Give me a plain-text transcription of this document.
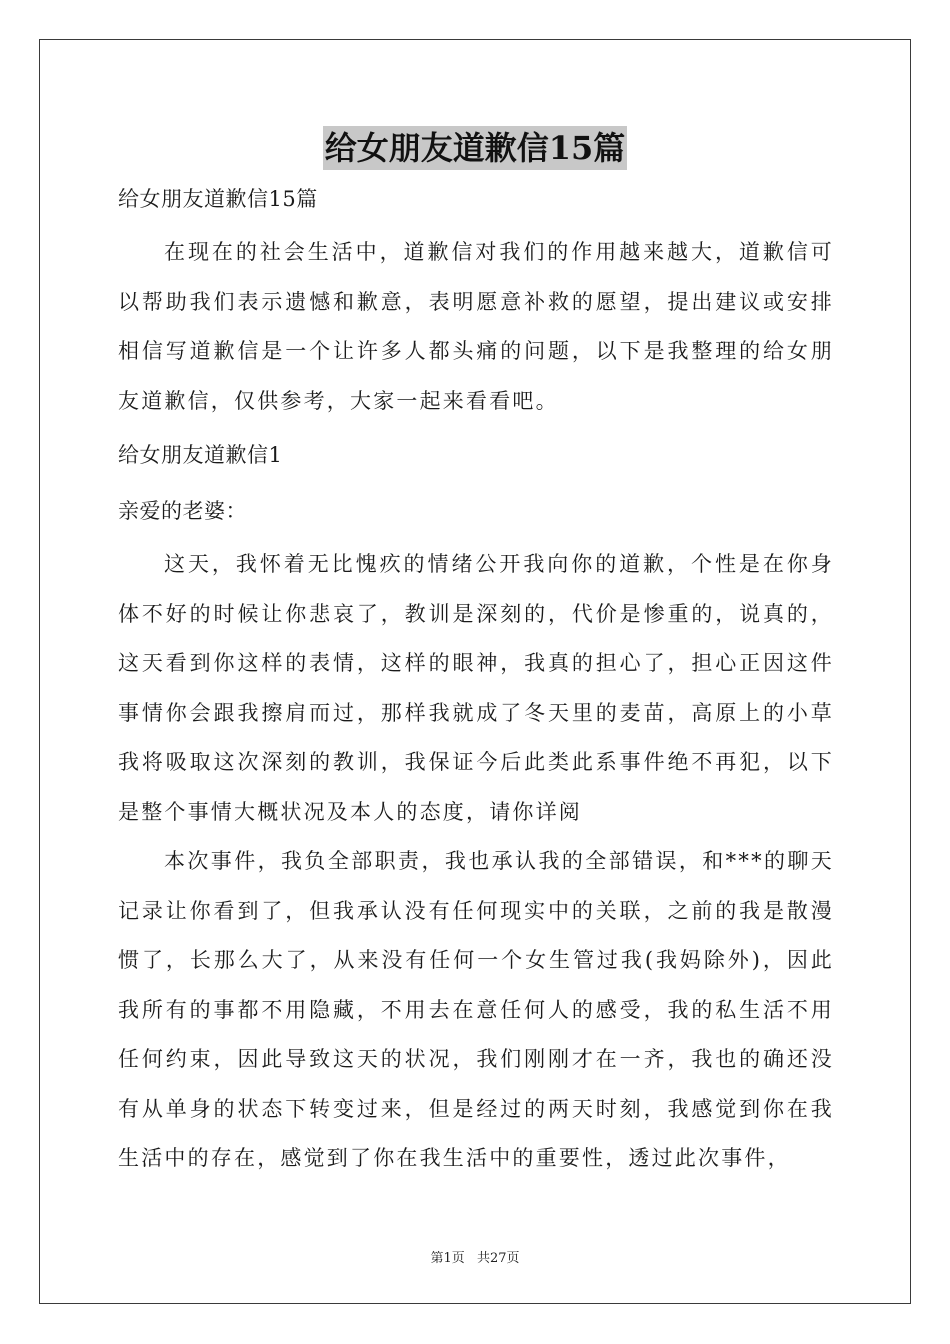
给女朋友道歉信15篇
给女朋友道歉信15篇

在现在的社会生活中，道歉信对我们的作用越来越大，道歉信可以帮助我们表示遗憾和歉意，表明愿意补救的愿望，提出建议或安排相信写道歉信是一个让许多人都头痛的问题，以下是我整理的给女朋友道歉信，仅供参考，大家一起来看看吧。

给女朋友道歉信1
亲爱的老婆：

这天，我怀着无比愧疚的情绪公开我向你的道歉，个性是在你身体不好的时候让你悲哀了，教训是深刻的，代价是惨重的，说真的，这天看到你这样的表情，这样的眼神，我真的担心了，担心正因这件事情你会跟我擦肩而过，那样我就成了冬天里的麦苗，高原上的小草我将吸取这次深刻的教训，我保证今后此类此系事件绝不再犯，以下是整个事情大概状况及本人的态度，请你详阅

本次事件，我负全部职责，我也承认我的全部错误，和***的聊天记录让你看到了，但我承认没有任何现实中的关联，之前的我是散漫惯了，长那么大了，从来没有任何一个女生管过我(我妈除外)，因此我所有的事都不用隐藏，不用去在意任何人的感受，我的私生活不用任何约束，因此导致这天的状况，我们刚刚才在一齐，我也的确还没有从单身的状态下转变过来，但是经过的两天时刻，我感觉到你在我生活中的存在，感觉到了你在我生活中的重要性，透过此次事件，

第1页 共27页
